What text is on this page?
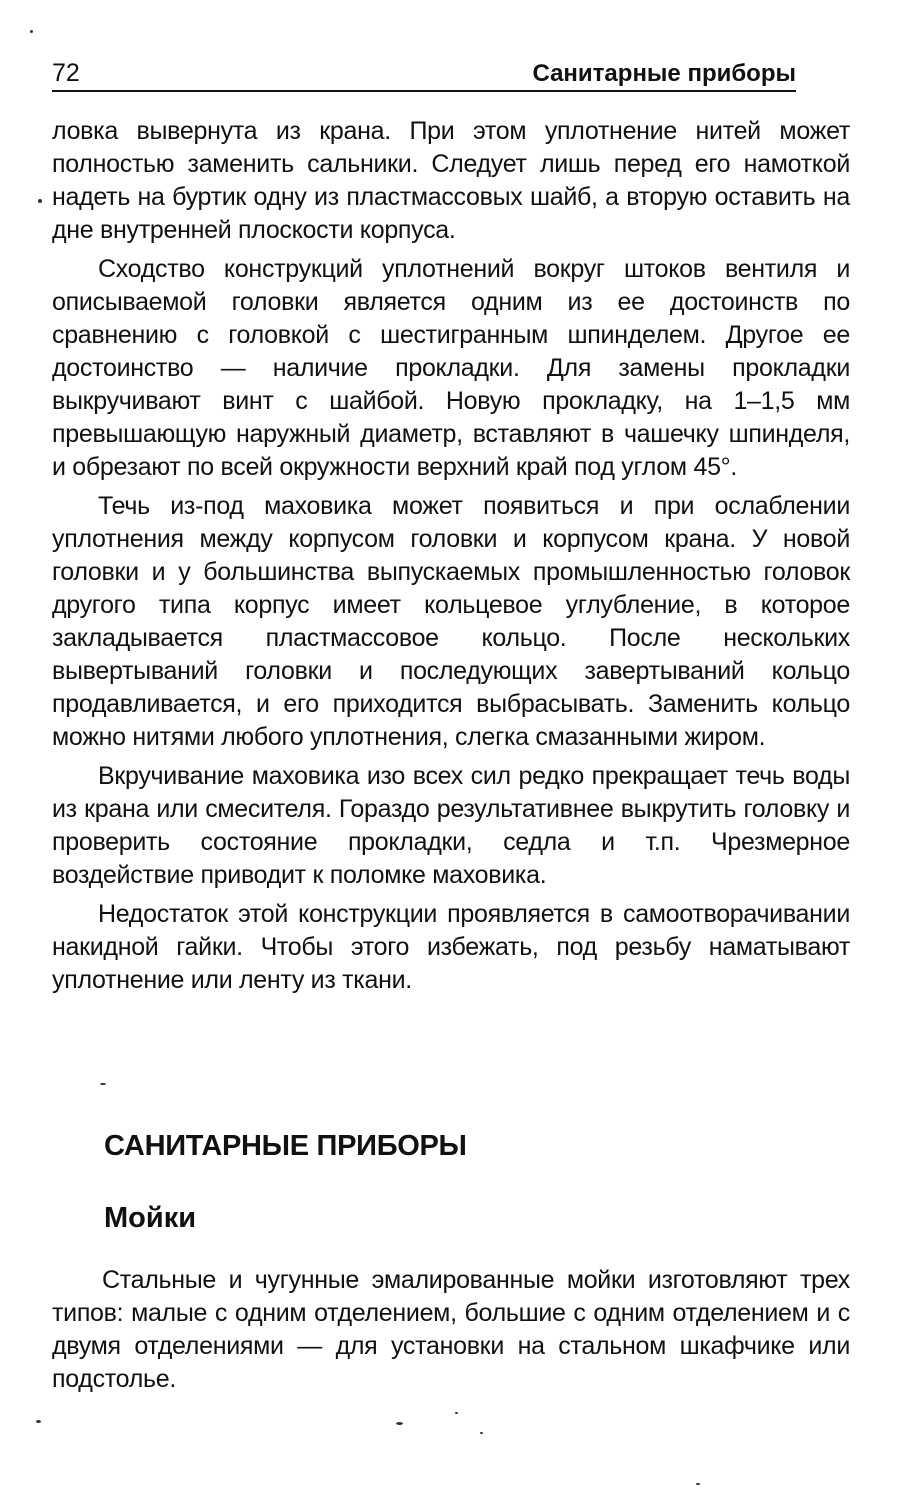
72	Санитарные приборы

ловка вывернута из крана. При этом уплотнение нитей может полностью заменить сальники. Следует лишь перед его намоткой надеть на буртик одну из пластмассовых шайб, а вторую оставить на дне внутренней плоскости корпуса.

Сходство конструкций уплотнений вокруг штоков вентиля и описываемой головки является одним из ее достоинств по сравнению с головкой с шестигранным шпинделем. Другое ее достоинство — наличие прокладки. Для замены прокладки выкручивают винт с шайбой. Новую прокладку, на 1–1,5 мм превышающую наружный диаметр, вставляют в чашечку шпинделя, и обрезают по всей окружности верхний край под углом 45°.

Течь из-под маховика может появиться и при ослаблении уплотнения между корпусом головки и корпусом крана. У новой головки и у большинства выпускаемых промышленностью головок другого типа корпус имеет кольцевое углубление, в которое закладывается пластмассовое кольцо. После нескольких вывертываний головки и последующих завертываний кольцо продавливается, и его приходится выбрасывать. Заменить кольцо можно нитями любого уплотнения, слегка смазанными жиром.

Вкручивание маховика изо всех сил редко прекращает течь воды из крана или смесителя. Гораздо результативнее выкрутить головку и проверить состояние прокладки, седла и т.п. Чрезмерное воздействие приводит к поломке маховика.

Недостаток этой конструкции проявляется в самоотворачивании накидной гайки. Чтобы этого избежать, под резьбу наматывают уплотнение или ленту из ткани.

САНИТАРНЫЕ ПРИБОРЫ
Мойки

Стальные и чугунные эмалированные мойки изготовляют трех типов: малые с одним отделением, большие с одним отделением и с двумя отделениями — для установки на стальном шкафчике или подстолье.
